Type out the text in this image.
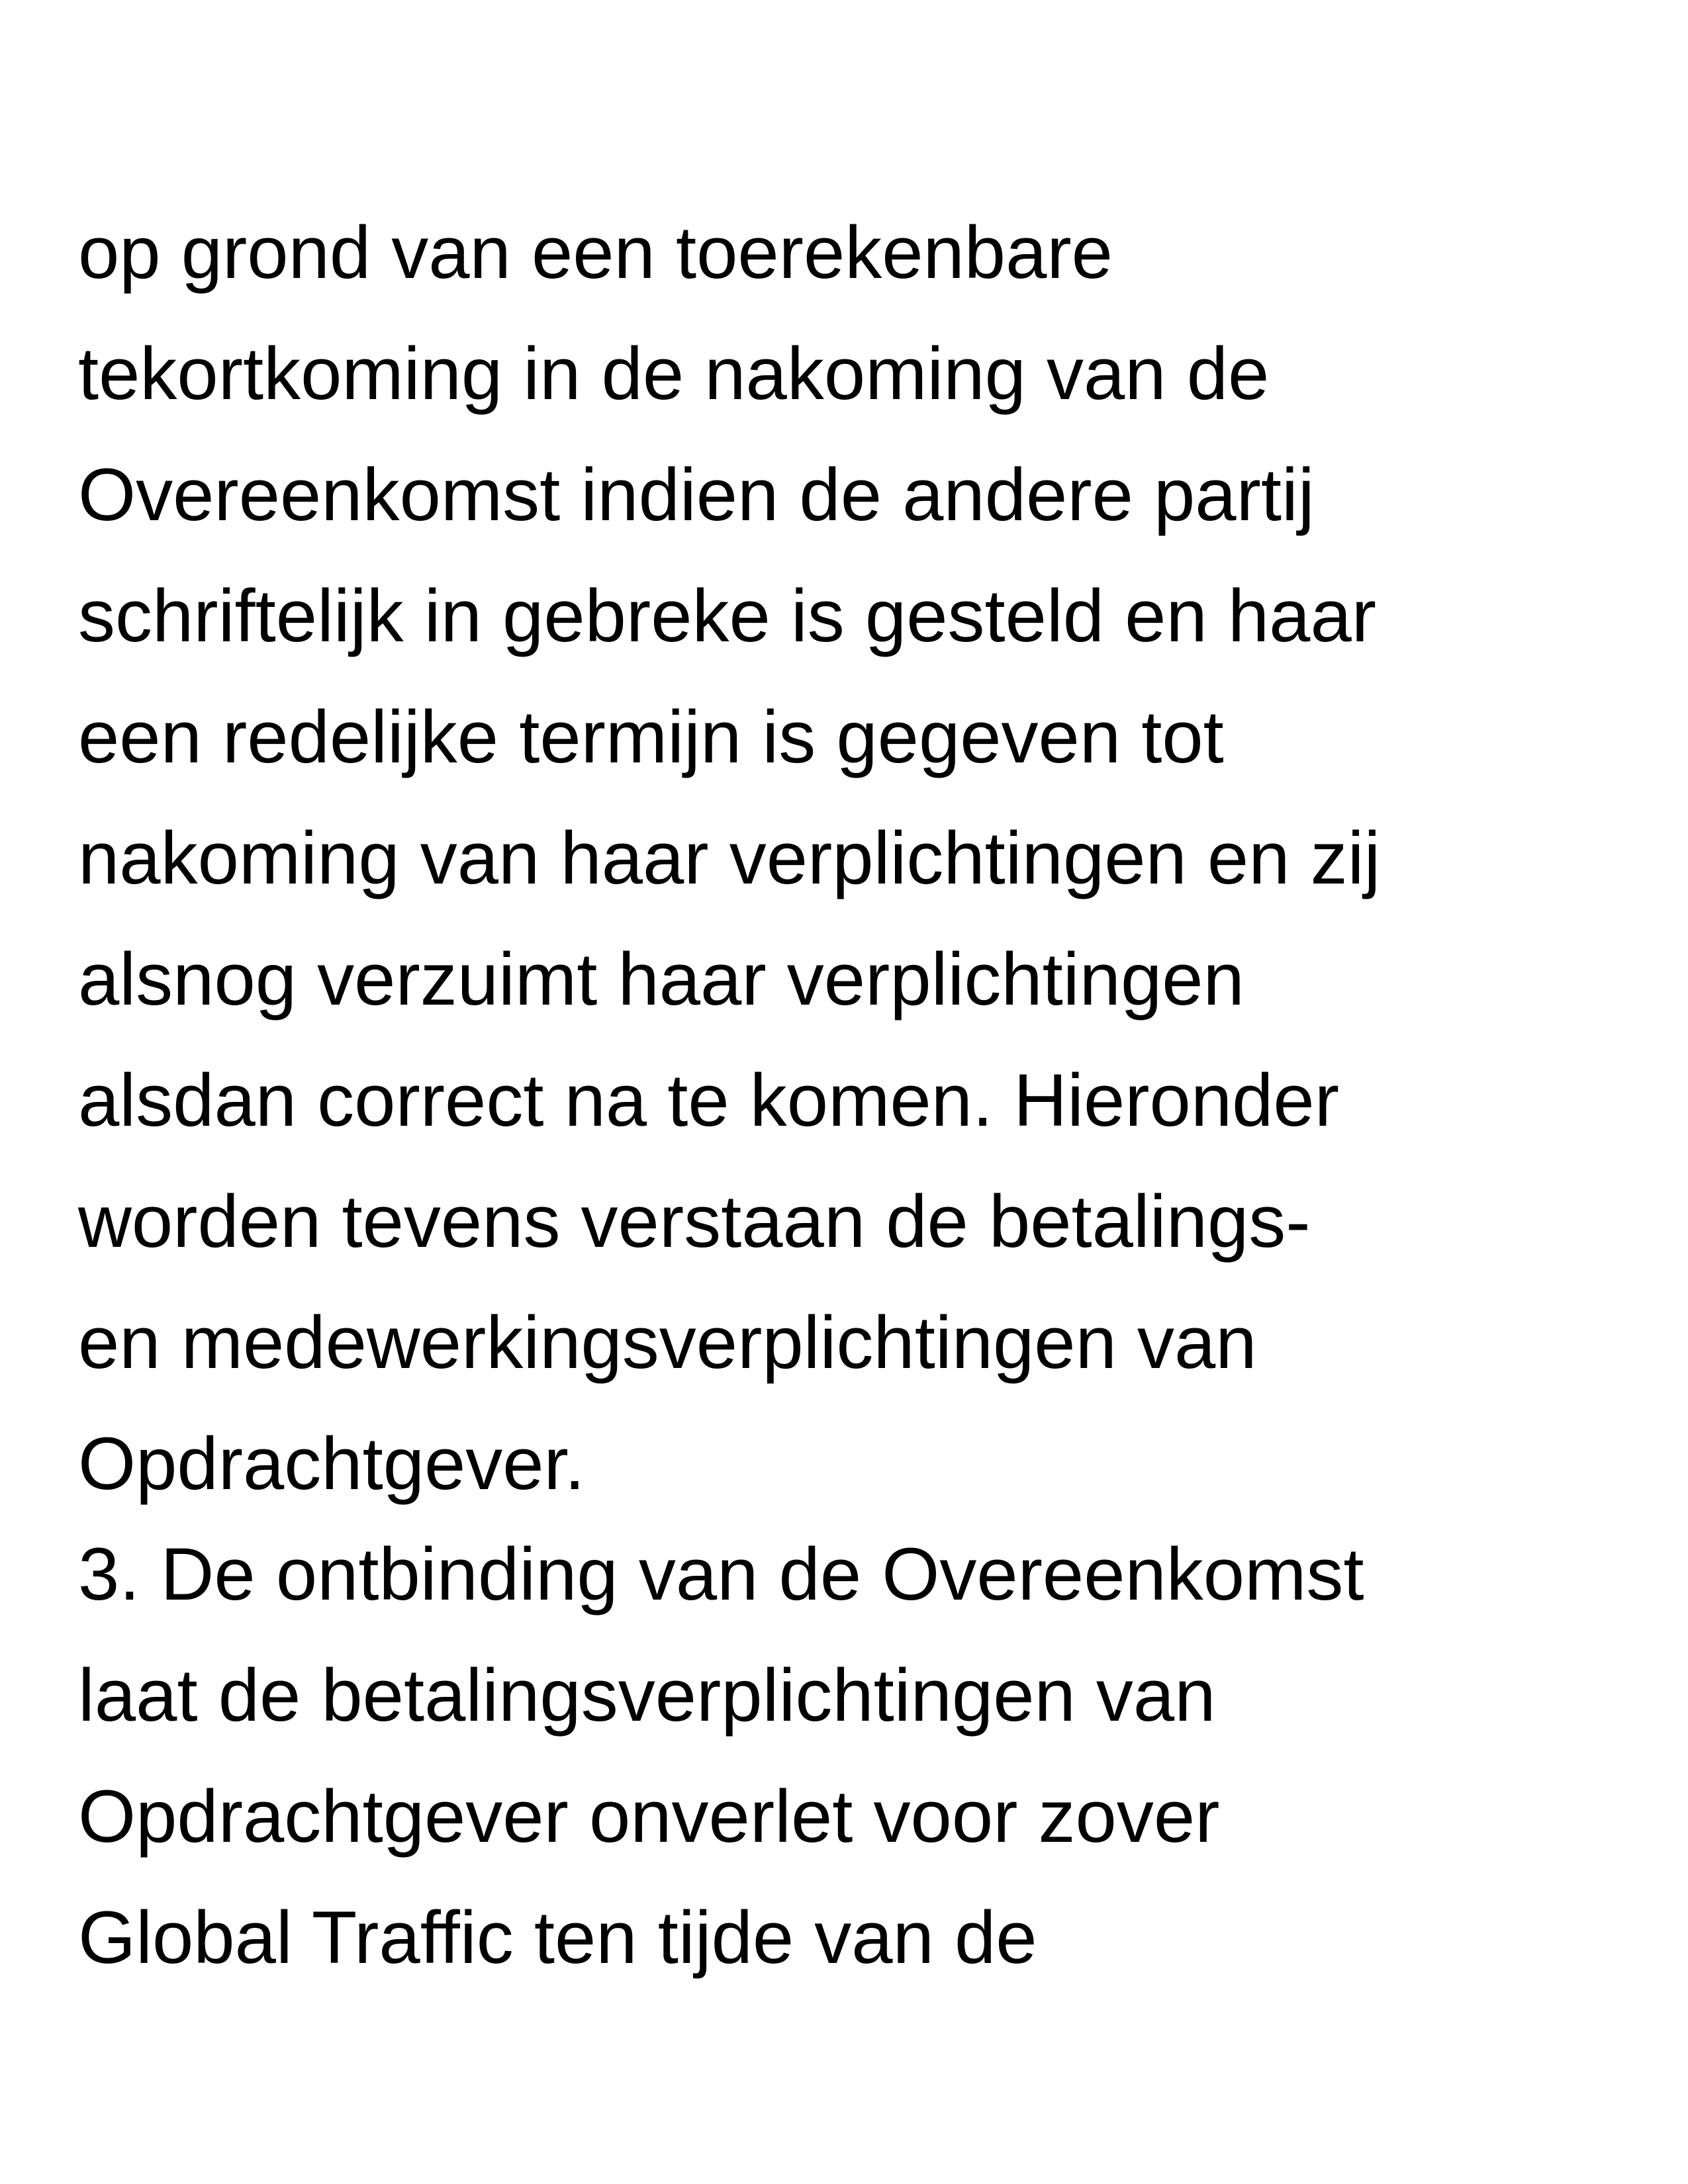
op grond van een toerekenbare
tekortkoming in de nakoming van de
Overeenkomst indien de andere partij
schriftelijk in gebreke is gesteld en haar
een redelijke termijn is gegeven tot
nakoming van haar verplichtingen en zij
alsnog verzuimt haar verplichtingen
alsdan correct na te komen. Hieronder
worden tevens verstaan de betalings-
en medewerkingsverplichtingen van
Opdrachtgever.

3. De ontbinding van de Overeenkomst
laat de betalingsverplichtingen van
Opdrachtgever onverlet voor zover
Global Traffic ten tijde van de
